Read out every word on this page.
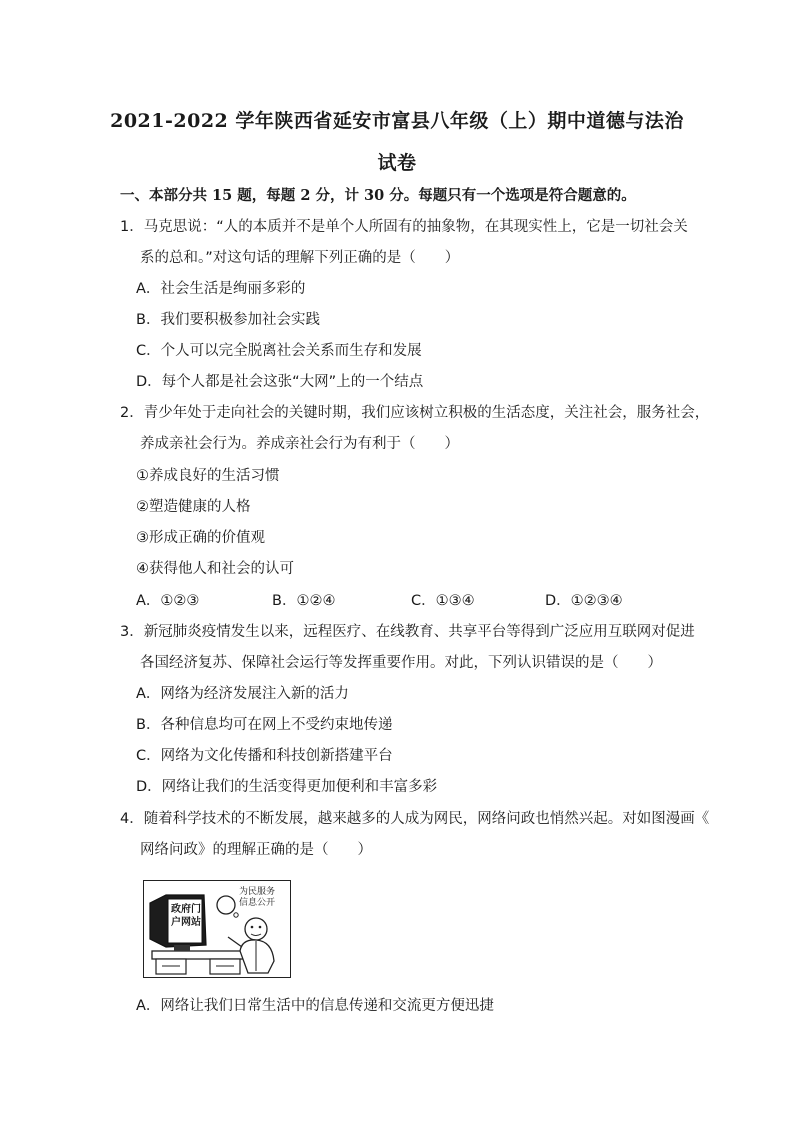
2021-2022 学年陕西省延安市富县八年级（上）期中道德与法治
试卷
一、本部分共 15 题，每题 2 分，计 30 分。每题只有一个选项是符合题意的。
1．马克思说：“人的本质并不是单个人所固有的抽象物，在其现实性上，它是一切社会关
系的总和。”对这句话的理解下列正确的是（　　）
A．社会生活是绚丽多彩的
B．我们要积极参加社会实践
C．个人可以完全脱离社会关系而生存和发展
D．每个人都是社会这张“大网”上的一个结点
2．青少年处于走向社会的关键时期，我们应该树立积极的生活态度，关注社会，服务社会，
养成亲社会行为。养成亲社会行为有利于（　　）
①养成良好的生活习惯
②塑造健康的人格
③形成正确的价值观
④获得他人和社会的认可
A．①②③	B．①②④	C．①③④	D．①②③④
3．新冠肺炎疫情发生以来，远程医疗、在线教育、共享平台等得到广泛应用互联网对促进
各国经济复苏、保障社会运行等发挥重要作用。对此，下列认识错误的是（　　）
A．网络为经济发展注入新的活力
B．各种信息均可在网上不受约束地传递
C．网络为文化传播和科技创新搭建平台
D．网络让我们的生活变得更加便利和丰富多彩
4．随着科学技术的不断发展，越来越多的人成为网民，网络问政也悄然兴起。对如图漫画《
网络问政》的理解正确的是（　　）
政府门户网站
为民服务
信息公开
A．网络让我们日常生活中的信息传递和交流更方便迅捷
